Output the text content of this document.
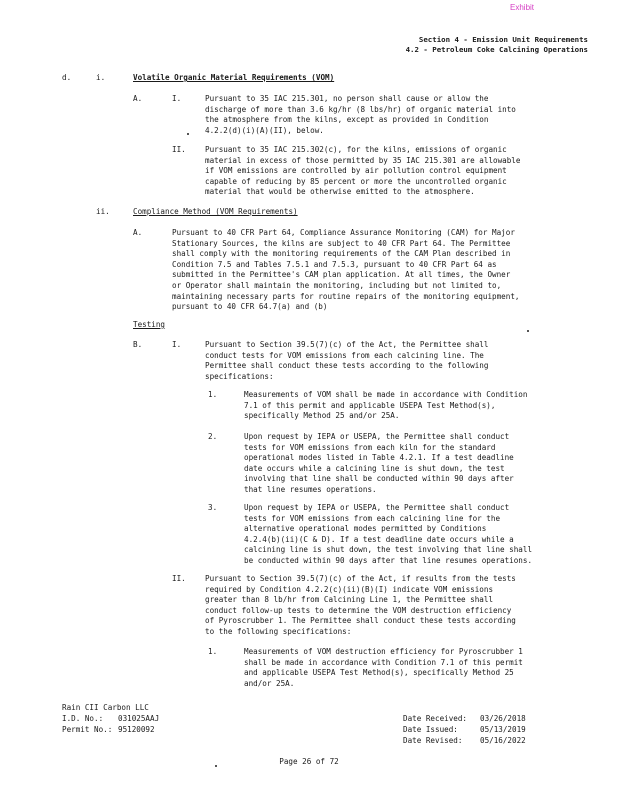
Exhibit
Section 4 - Emission Unit Requirements
4.2 - Petroleum Coke Calcining Operations
d.	i.	Volatile Organic Material Requirements (VOM)
A.	I.	Pursuant to 35 IAC 215.301, no person shall cause or allow the
discharge of more than 3.6 kg/hr (8 lbs/hr) of organic material into
the atmosphere from the kilns, except as provided in Condition
4.2.2(d)(i)(A)(II), below.
II.	Pursuant to 35 IAC 215.302(c), for the kilns, emissions of organic
material in excess of those permitted by 35 IAC 215.301 are allowable
if VOM emissions are controlled by air pollution control equipment
capable of reducing by 85 percent or more the uncontrolled organic
material that would be otherwise emitted to the atmosphere.
ii.	Compliance Method (VOM Requirements)
A.	Pursuant to 40 CFR Part 64, Compliance Assurance Monitoring (CAM) for Major
Stationary Sources, the kilns are subject to 40 CFR Part 64. The Permittee
shall comply with the monitoring requirements of the CAM Plan described in
Condition 7.5 and Tables 7.5.1 and 7.5.3, pursuant to 40 CFR Part 64 as
submitted in the Permittee's CAM plan application. At all times, the Owner
or Operator shall maintain the monitoring, including but not limited to,
maintaining necessary parts for routine repairs of the monitoring equipment,
pursuant to 40 CFR 64.7(a) and (b)
Testing
B.	I.	Pursuant to Section 39.5(7)(c) of the Act, the Permittee shall
conduct tests for VOM emissions from each calcining line. The
Permittee shall conduct these tests according to the following
specifications:
1.	Measurements of VOM shall be made in accordance with Condition
7.1 of this permit and applicable USEPA Test Method(s),
specifically Method 25 and/or 25A.
2.	Upon request by IEPA or USEPA, the Permittee shall conduct
tests for VOM emissions from each kiln for the standard
operational modes listed in Table 4.2.1. If a test deadline
date occurs while a calcining line is shut down, the test
involving that line shall be conducted within 90 days after
that line resumes operations.
3.	Upon request by IEPA or USEPA, the Permittee shall conduct
tests for VOM emissions from each calcining line for the
alternative operational modes permitted by Conditions
4.2.4(b)(ii)(C & D). If a test deadline date occurs while a
calcining line is shut down, the test involving that line shall
be conducted within 90 days after that line resumes operations.
II.	Pursuant to Section 39.5(7)(c) of the Act, if results from the tests
required by Condition 4.2.2(c)(ii)(B)(I) indicate VOM emissions
greater than 8 lb/hr from Calcining Line 1, the Permittee shall
conduct follow-up tests to determine the VOM destruction efficiency
of Pyroscrubber 1. The Permittee shall conduct these tests according
to the following specifications:
1.	Measurements of VOM destruction efficiency for Pyroscrubber 1
shall be made in accordance with Condition 7.1 of this permit
and applicable USEPA Test Method(s), specifically Method 25
and/or 25A.
Rain CII Carbon LLC
I.D. No.: 031025AAJ
Permit No.: 95120092
Date Received: 03/26/2018
Date Issued:	05/13/2019
Date Revised: 05/16/2022
Page 26 of 72
